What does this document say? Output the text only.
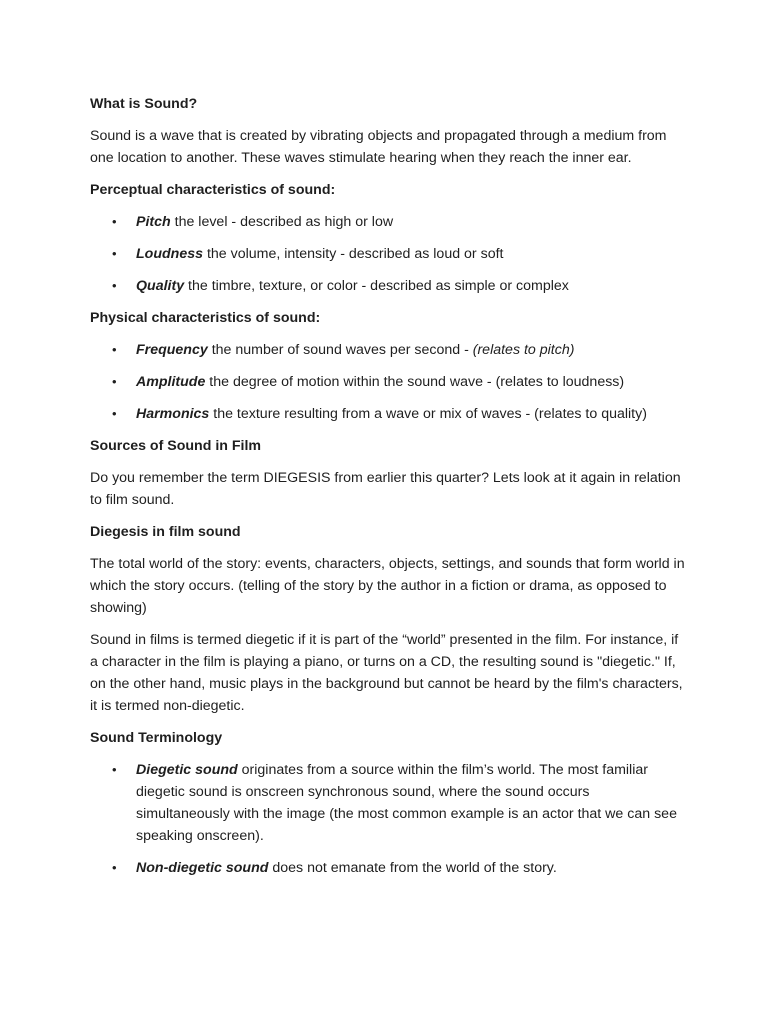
What is Sound?

Sound is a wave that is created by vibrating objects and propagated through a medium from one location to another. These waves stimulate hearing when they reach the inner ear.

Perceptual characteristics of sound:

• Pitch the level - described as high or low
• Loudness the volume, intensity - described as loud or soft
• Quality the timbre, texture, or color - described as simple or complex

Physical characteristics of sound:

• Frequency the number of sound waves per second - (relates to pitch)
• Amplitude the degree of motion within the sound wave - (relates to loudness)
• Harmonics the texture resulting from a wave or mix of waves - (relates to quality)

Sources of Sound in Film

Do you remember the term DIEGESIS from earlier this quarter? Lets look at it again in relation to film sound.

Diegesis in film sound

The total world of the story: events, characters, objects, settings, and sounds that form world in which the story occurs. (telling of the story by the author in a fiction or drama, as opposed to showing)

Sound in films is termed diegetic if it is part of the “world” presented in the film. For instance, if a character in the film is playing a piano, or turns on a CD, the resulting sound is "diegetic." If, on the other hand, music plays in the background but cannot be heard by the film's characters, it is termed non-diegetic.

Sound Terminology

• Diegetic sound originates from a source within the film’s world. The most familiar diegetic sound is onscreen synchronous sound, where the sound occurs simultaneously with the image (the most common example is an actor that we can see speaking onscreen).
• Non-diegetic sound does not emanate from the world of the story.
